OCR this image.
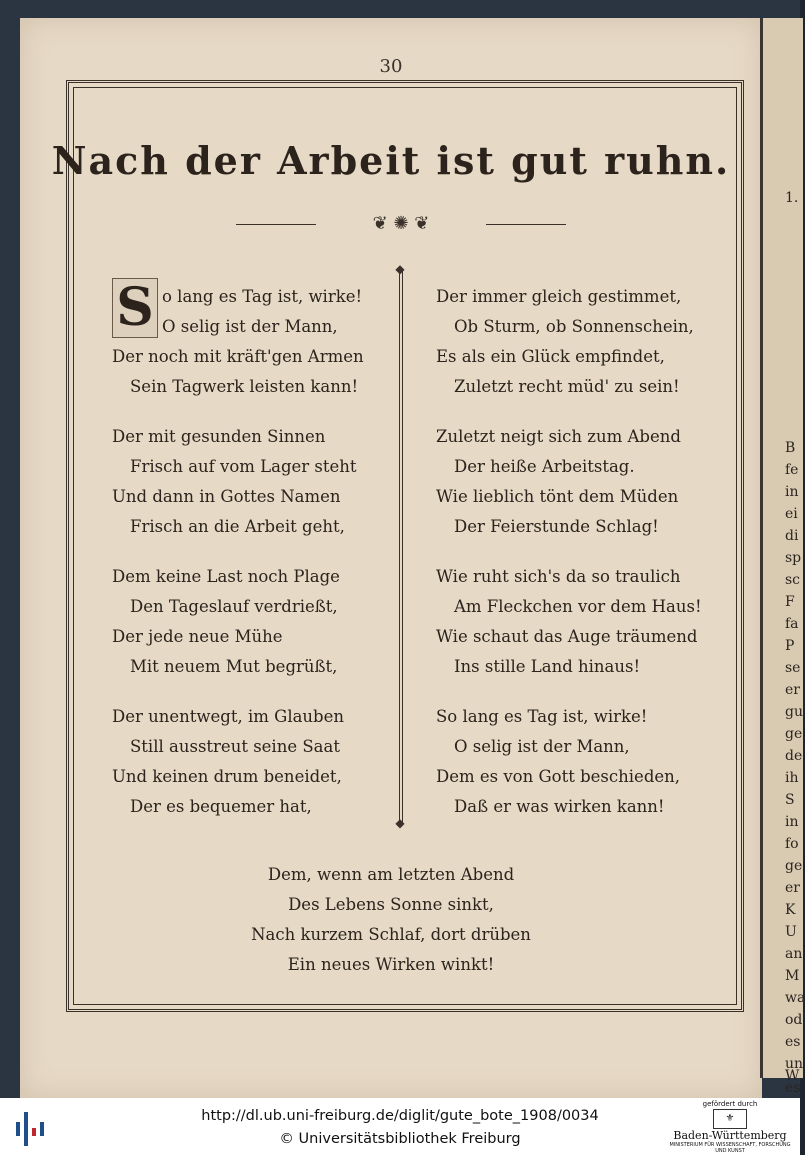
30
Nach der Arbeit ist gut ruhn.
❦ ✺ ❦
◆
◆
S o lang es Tag ist, wirke!
O selig ist der Mann,
Der noch mit kräft'gen Armen
Sein Tagwerk leisten kann!
Der mit gesunden Sinnen
Frisch auf vom Lager steht
Und dann in Gottes Namen
Frisch an die Arbeit geht,
Dem keine Last noch Plage
Den Tageslauf verdrießt,
Der jede neue Mühe
Mit neuem Mut begrüßt,
Der unentwegt, im Glauben
Still ausstreut seine Saat
Und keinen drum beneidet,
Der es bequemer hat,
Der immer gleich gestimmet,
Ob Sturm, ob Sonnenschein,
Es als ein Glück empfindet,
Zuletzt recht müd' zu sein!
Zuletzt neigt sich zum Abend
Der heiße Arbeitstag.
Wie lieblich tönt dem Müden
Der Feierstunde Schlag!
Wie ruht sich's da so traulich
Am Fleckchen vor dem Haus!
Wie schaut das Auge träumend
Ins stille Land hinaus!
So lang es Tag ist, wirke!
O selig ist der Mann,
Dem es von Gott beschieden,
Daß er was wirken kann!
Dem, wenn am letzten Abend
Des Lebens Sonne sinkt,
Nach kurzem Schlaf, dort drüben
Ein neues Wirken winkt!
1.
B
fe
in
ei
di
sp
sc
F
fa
P
se
er
gu
ge
de
ih
S
in
fo
ge
er
K
U
an
M
wa
od
es
un
W
es
http://dl.ub.uni-freiburg.de/diglit/gute_bote_1908/0034
© Universitätsbibliothek Freiburg
gefördert durch
⚜
Baden-Württemberg
MINISTERIUM FÜR WISSENSCHAFT, FORSCHUNG UND KUNST
